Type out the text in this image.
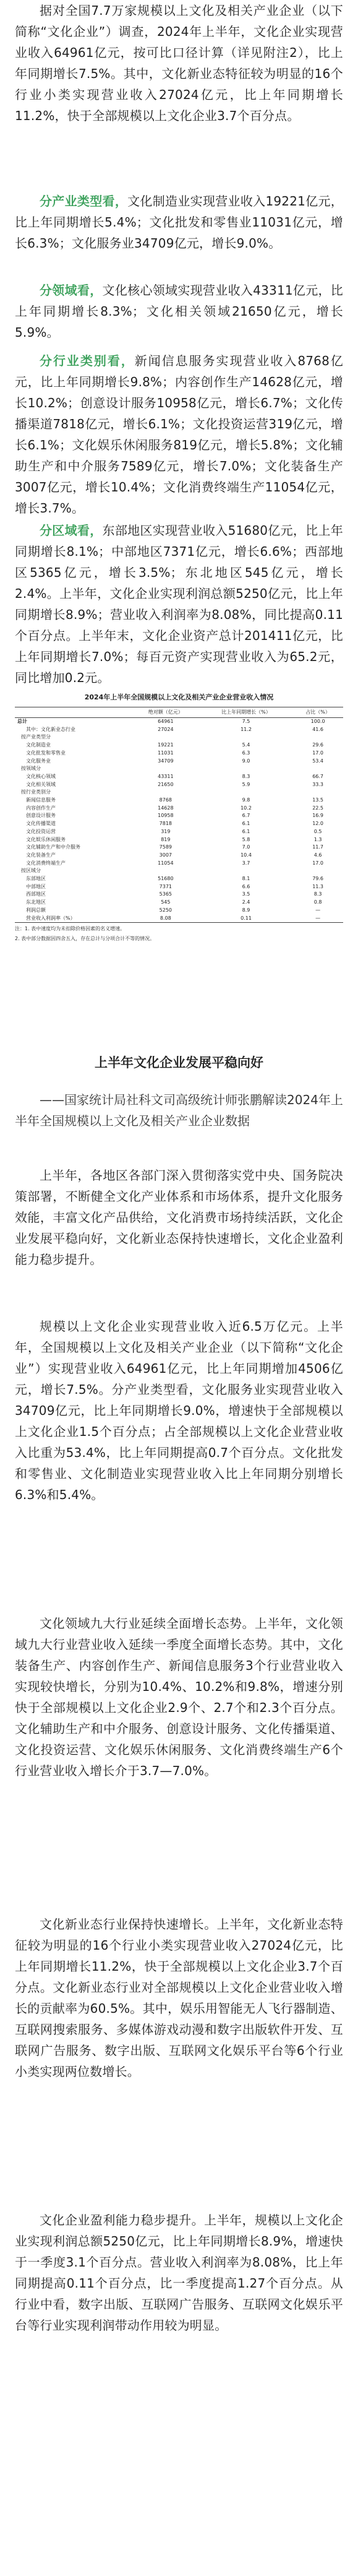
据对全国7.7万家规模以上文化及相关产业企业（以下简称“文化企业”）调查，2024年上半年，文化企业实现营业收入64961亿元，按可比口径计算（详见附注2），比上年同期增长7.5%。其中，文化新业态特征较为明显的16个行业小类实现营业收入27024亿元，比上年同期增长11.2%，快于全部规模以上文化企业3.7个百分点。

分产业类型看，文化制造业实现营业收入19221亿元，比上年同期增长5.4%；文化批发和零售业11031亿元，增长6.3%；文化服务业34709亿元，增长9.0%。

分领域看，文化核心领域实现营业收入43311亿元，比上年同期增长8.3%；文化相关领域21650亿元，增长5.9%。

分行业类别看，新闻信息服务实现营业收入8768亿元，比上年同期增长9.8%；内容创作生产14628亿元，增长10.2%；创意设计服务10958亿元，增长6.7%；文化传播渠道7818亿元，增长6.1%；文化投资运营319亿元，增长6.1%；文化娱乐休闲服务819亿元，增长5.8%；文化辅助生产和中介服务7589亿元，增长7.0%；文化装备生产3007亿元，增长10.4%；文化消费终端生产11054亿元，增长3.7%。

分区域看，东部地区实现营业收入51680亿元，比上年同期增长8.1%；中部地区7371亿元，增长6.6%；西部地区5365亿元，增长3.5%；东北地区545亿元，增长2.4%。上半年，文化企业实现利润总额5250亿元，比上年同期增长8.9%；营业收入利润率为8.08%，同比提高0.11个百分点。上半年末，文化企业资产总计201411亿元，比上年同期增长7.0%；每百元资产实现营业收入为65.2元，同比增加0.2元。

2024年上半年全国规模以上文化及相关产业企业营业收入情况
	绝对额（亿元）	比上年同期增长（%）	占比（%）
总计	64961	7.5	100.0
其中：文化新业态行业	27024	11.2	41.6
按产业类型分			
文化制造业	19221	5.4	29.6
文化批发和零售业	11031	6.3	17.0
文化服务业	34709	9.0	53.4
按领域分			
文化核心领域	43311	8.3	66.7
文化相关领域	21650	5.9	33.3
按行业类别分			
新闻信息服务	8768	9.8	13.5
内容创作生产	14628	10.2	22.5
创意设计服务	10958	6.7	16.9
文化传播渠道	7818	6.1	12.0
文化投资运营	319	6.1	0.5
文化娱乐休闲服务	819	5.8	1.3
文化辅助生产和中介服务	7589	7.0	11.7
文化装备生产	3007	10.4	4.6
文化消费终端生产	11054	3.7	17.0
按区域分			
东部地区	51680	8.1	79.6
中部地区	7371	6.6	11.3
西部地区	5365	3.5	8.3
东北地区	545	2.4	0.8
利润总额	5250	8.9	—
营业收入利润率（%）	8.08	0.11	—
注：1. 表中速度均为未扣除价格因素的名义增速。
2. 表中部分数据因四舍五入，存在总计与分项合计不等的情况。
上半年文化企业发展平稳向好

——国家统计局社科文司高级统计师张鹏解读2024年上半年全国规模以上文化及相关产业企业数据

上半年，各地区各部门深入贯彻落实党中央、国务院决策部署，不断健全文化产业体系和市场体系，提升文化服务效能，丰富文化产品供给，文化消费市场持续活跃，文化企业发展平稳向好，文化新业态保持快速增长，文化企业盈利能力稳步提升。

规模以上文化企业实现营业收入近6.5万亿元。上半年，全国规模以上文化及相关产业企业（以下简称“文化企业”）实现营业收入64961亿元，比上年同期增加4506亿元，增长7.5%。分产业类型看，文化服务业实现营业收入34709亿元，比上年同期增长9.0%，增速快于全部规模以上文化企业1.5个百分点；占全部规模以上文化企业营业收入比重为53.4%，比上年同期提高0.7个百分点。文化批发和零售业、文化制造业实现营业收入比上年同期分别增长6.3%和5.4%。

文化领域九大行业延续全面增长态势。上半年，文化领域九大行业营业收入延续一季度全面增长态势。其中，文化装备生产、内容创作生产、新闻信息服务3个行业营业收入实现较快增长，分别为10.4%、10.2%和9.8%，增速分别快于全部规模以上文化企业2.9个、2.7个和2.3个百分点。文化辅助生产和中介服务、创意设计服务、文化传播渠道、文化投资运营、文化娱乐休闲服务、文化消费终端生产6个行业营业收入增长介于3.7—7.0%。

文化新业态行业保持快速增长。上半年，文化新业态特征较为明显的16个行业小类实现营业收入27024亿元，比上年同期增长11.2%，快于全部规模以上文化企业3.7个百分点。文化新业态行业对全部规模以上文化企业营业收入增长的贡献率为60.5%。其中，娱乐用智能无人飞行器制造、互联网搜索服务、多媒体游戏动漫和数字出版软件开发、互联网广告服务、数字出版、互联网文化娱乐平台等6个行业小类实现两位数增长。

文化企业盈利能力稳步提升。上半年，规模以上文化企业实现利润总额5250亿元，比上年同期增长8.9%，增速快于一季度3.1个百分点。营业收入利润率为8.08%，比上年同期提高0.11个百分点，比一季度提高1.27个百分点。从行业中看，数字出版、互联网广告服务、互联网文化娱乐平台等行业实现利润带动作用较为明显。
